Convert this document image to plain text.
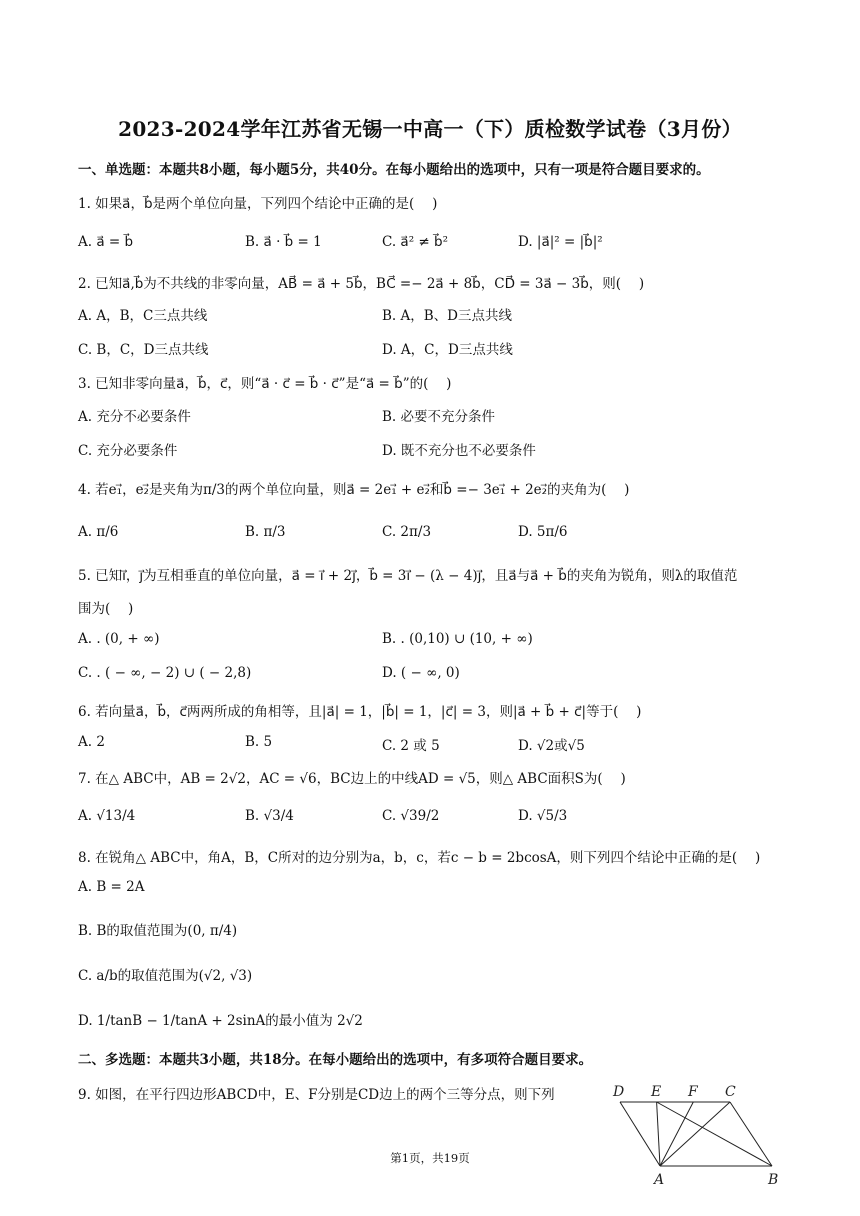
2023-2024学年江苏省无锡一中高一（下）质检数学试卷（3月份）
一、单选题：本题共8小题，每小题5分，共40分。在每小题给出的选项中，只有一项是符合题目要求的。
1. 如果a⃗，b⃗是两个单位向量，下列四个结论中正确的是(　 )
A. a⃗ = b⃗	B. a⃗ · b⃗ = 1	C. a⃗² ≠ b⃗²	D. |a⃗|² = |b⃗|²
2. 已知a⃗,b⃗为不共线的非零向量，AB⃗ = a⃗ + 5b⃗，BC⃗ =− 2a⃗ + 8b⃗，CD⃗ = 3a⃗ − 3b⃗，则(　 )
A. A，B，C三点共线	B. A，B、D三点共线
C. B，C，D三点共线	D. A，C，D三点共线
3. 已知非零向量a⃗，b⃗，c⃗，则“a⃗ · c⃗ = b⃗ · c⃗”是“a⃗ = b⃗”的(　 )
A. 充分不必要条件	B. 必要不充分条件
C. 充分必要条件	D. 既不充分也不必要条件
4. 若e₁⃗，e₂⃗是夹角为π/3的两个单位向量，则a⃗ = 2e₁⃗ + e₂⃗和b⃗ =− 3e₁⃗ + 2e₂⃗的夹角为(　 )
A. π/6	B. π/3	C. 2π/3	D. 5π/6
5. 已知i⃗，j⃗为互相垂直的单位向量，a⃗ = i⃗ + 2j⃗，b⃗ = 3i⃗ − (λ − 4)j⃗，且a⃗与a⃗ + b⃗的夹角为锐角，则λ的取值范
围为(　 )
A. . (0, + ∞)	B. . (0,10) ∪ (10, + ∞)
C. . ( − ∞, − 2) ∪ ( − 2,8)	D. ( − ∞, 0)
6. 若向量a⃗，b⃗，c⃗两两所成的角相等，且|a⃗| = 1，|b⃗| = 1，|c⃗| = 3，则|a⃗ + b⃗ + c⃗|等于(　 )
A. 2	B. 5	C. 2 或 5	D. √2或√5
7. 在△ ABC中，AB = 2√2，AC = √6，BC边上的中线AD = √5，则△ ABC面积S为(　 )
A. √13/4	B. √3/4	C. √39/2	D. √5/3
8. 在锐角△ ABC中，角A，B，C所对的边分别为a，b，c，若c − b = 2bcosA，则下列四个结论中正确的是(　 )
A. B = 2A
B. B的取值范围为(0, π/4)
C. a/b的取值范围为(√2, √3)
D. 1/tanB − 1/tanA + 2sinA的最小值为 2√2
二、多选题：本题共3小题，共18分。在每小题给出的选项中，有多项符合题目要求。
9. 如图，在平行四边形ABCD中，E、F分别是CD边上的两个三等分点，则下列	D E F C
A	B
第1页，共19页
